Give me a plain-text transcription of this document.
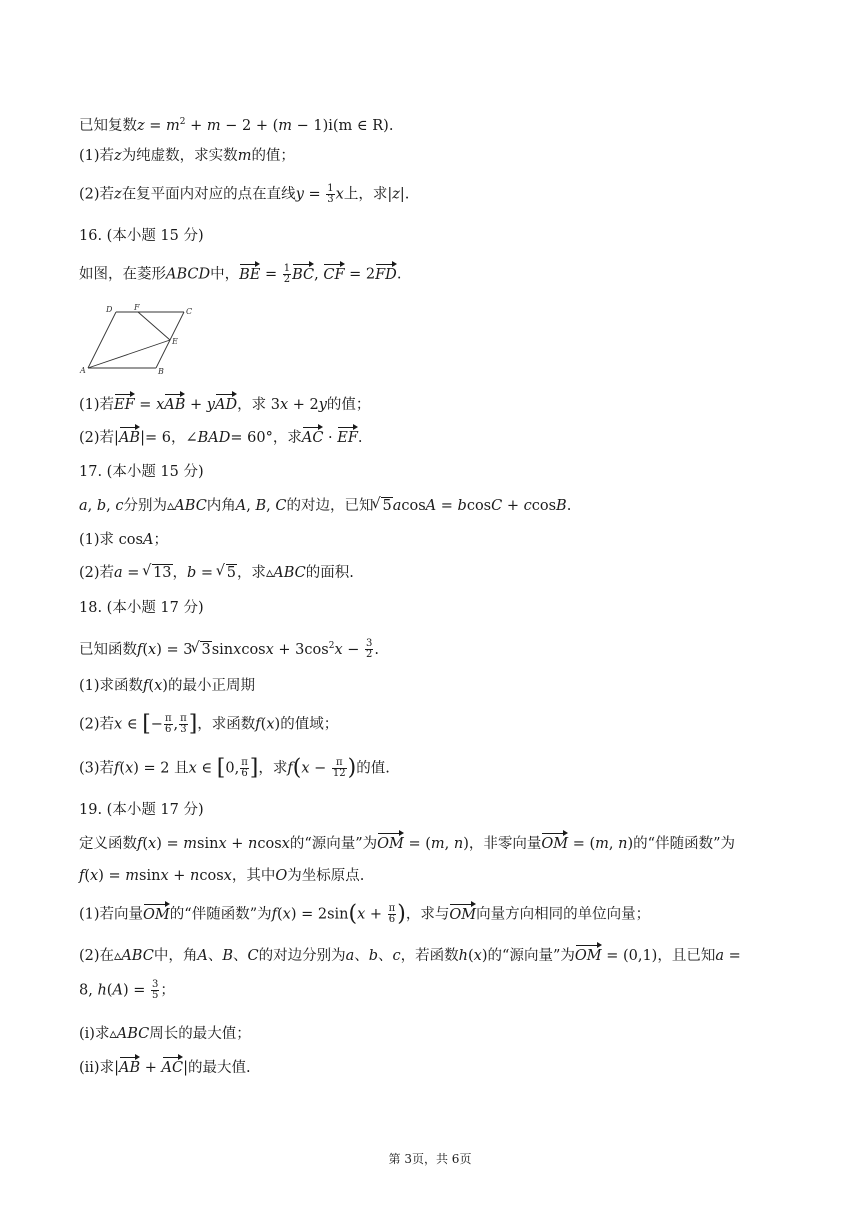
已知复数$z = m^2 + m - 2 + (m - 1)i(m$ ∈ R).
(1)若z为纯虚数，求实数m的值；
(2)若z在复平面内对应的点在直线$y = \frac{1}{3}$ x上，求|z|.
16. (本小题 15 分)
如图，在菱形ABCD中，BE = $\frac{1}{2}$ BC, CF = 2FD.
D	F	C
E
A	B
(1)若EF = xAB + yAD，求 3x + 2y的值；
(2)若|AB|= 6，∠BAD= 60°，求AC · EF.
17. (本小题 15 分)
a, b, c分别为▵ABC内角A, B, C的对边，已知 √ 5acosA = bcosC + ccosB.
(1)求 cosA；
(2)若a = √ 13，b = √ 5，求▵ABC的面积.
18. (本小题 17 分)
已知函数f(x) = 3 √ 3sinxcosx + $3\cos^2x - \frac{3}{2}$ .
(1)求函数f(x)的最小正周期
(2)若x ∈ [− $\frac{\pi}{6}$ , $\frac{\pi}{3}$ ]，求函数f(x)的值域；
(3)若f(x) = 2 且x ∈ [0, $\frac{\pi}{6}$ ]，求$f(x - \frac{\pi}{12}$ )的值.
19. (本小题 17 分)
定义函数f(x) = msinx + ncosx的“源向量”为OM = (m, n)，非零向量OM = (m, n)的“伴随函数”为
f(x) = msinx + ncosx，其中O为坐标原点.
(1)若向量OM的“伴随函数”为$f(x) = 2\sin(x + \frac{\pi}{6}$ )，求与OM向量方向相同的单位向量；
(2)在▵ABC中，角A、B、C的对边分别为a、b、c，若函数h(x)的“源向量”为OM = (0,1)，且已知a =
8, $h(A) = \frac{3}{5}$ ；
(i)求▵ABC周长的最大值；
(ii)求|AB + AC|的最大值.
第 3页，共 6页
